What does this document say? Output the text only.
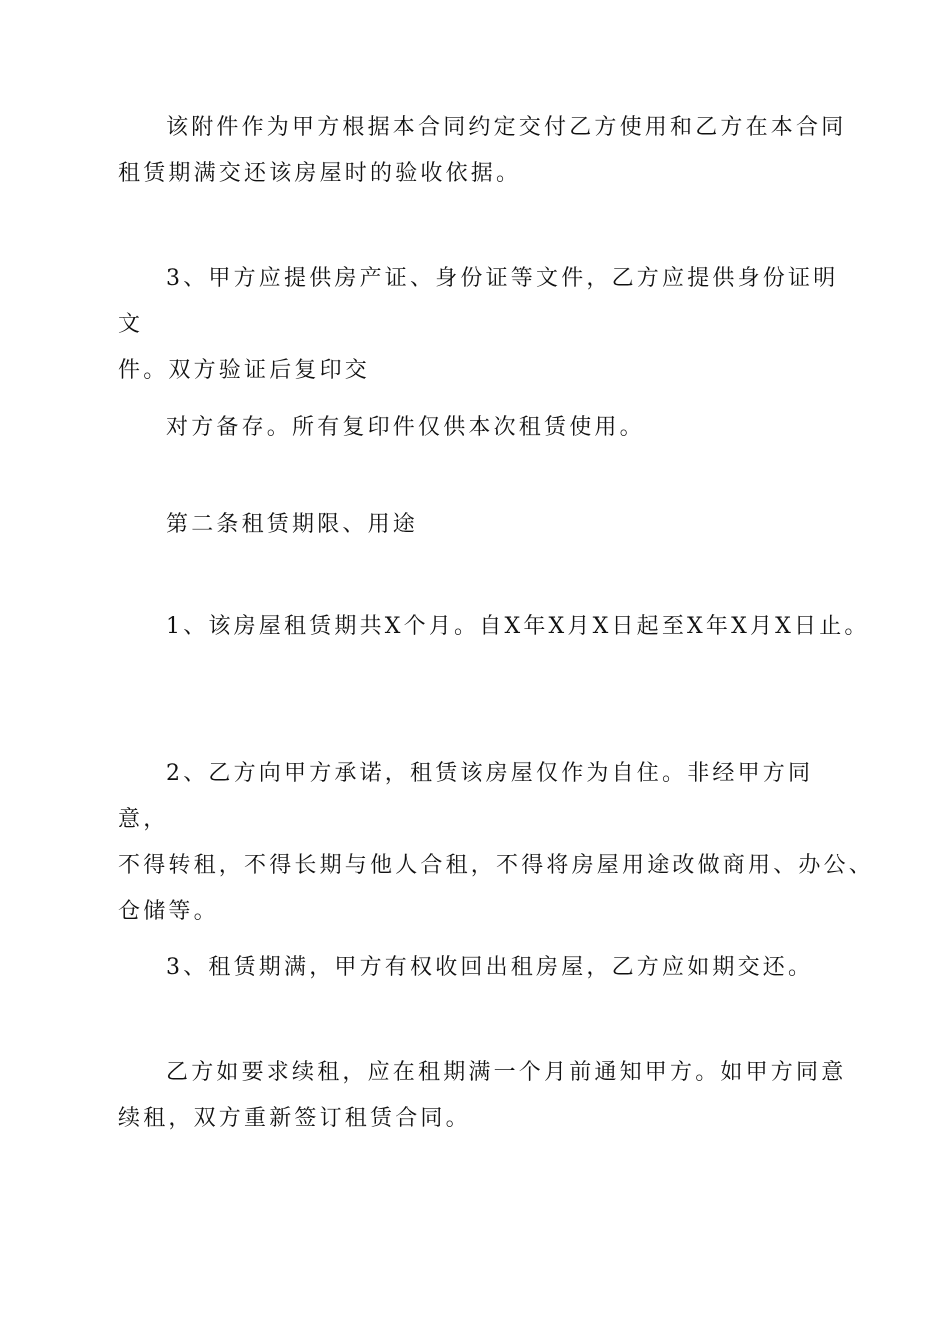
该附件作为甲方根据本合同约定交付乙方使用和乙方在本合同
租赁期满交还该房屋时的验收依据。

3、甲方应提供房产证、身份证等文件，乙方应提供身份证明文
件。双方验证后复印交

对方备存。所有复印件仅供本次租赁使用。

第二条租赁期限、用途

1、该房屋租赁期共X个月。自X年X月X日起至X年X月X日止。

2、乙方向甲方承诺，租赁该房屋仅作为自住。非经甲方同意，
不得转租，不得长期与他人合租，不得将房屋用途改做商用、办公、
仓储等。

3、租赁期满，甲方有权收回出租房屋，乙方应如期交还。

乙方如要求续租，应在租期满一个月前通知甲方。如甲方同意
续租，双方重新签订租赁合同。
